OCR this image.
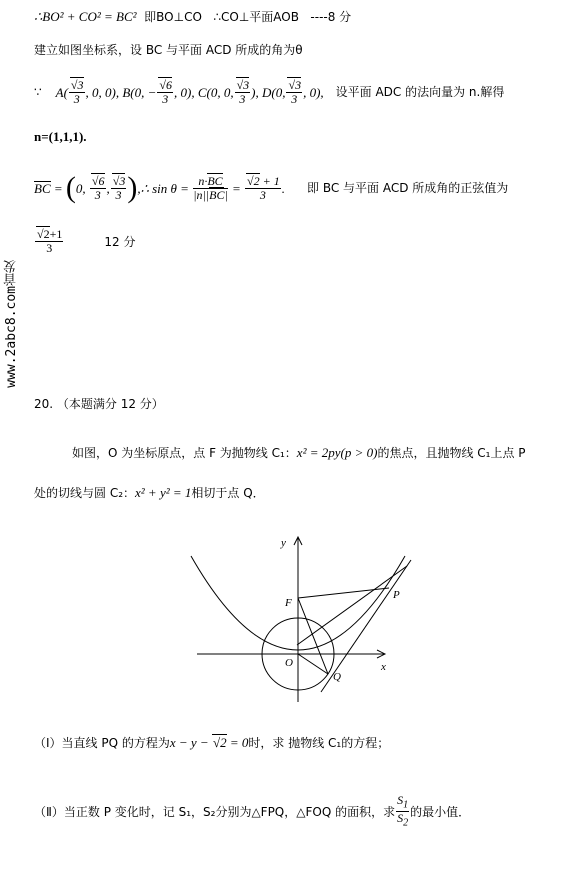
∴BO² + CO² = BC² 即BO⊥CO ∴CO⊥平面AOB ----8 分
建立如图坐标系，设 BC 与平面 ACD 所成的角为θ
∵ A( √ $\frac{3}{3}$ , 0, 0), B(0, − √ $\frac{6}{3}$ , 0), C(0, 0, √ $\frac{3}{3}$ ), D(0, √ $\frac{3}{3}$ , 0), 设平面 ADC 的法向量为 n.解得
n=(1,1,1).
BC = ( 0, √ $\frac{6}{3}$ , √ $\frac{3}{3}$ ) ,∴ $\sin \theta = \frac{n\cdot BC}{|n||BC|}$ = √ $\frac{2 + 1}{3}$ . 即 BC 与平面 ACD 所成角的正弦值为
√ $\frac{2+1}{3}$	12 分
www.2abc8.com首发
20. （本题满分 12 分）
如图，O 为坐标原点，点 F 为抛物线 C₁：x² = 2py(p > 0)的焦点，且抛物线 C₁上点 P
处的切线与圆 C₂：x² + y² = 1相切于点 Q．
y
x
F
P
O
Q
（Ⅰ）当直线 PQ 的方程为x − y − √ 2 = 0时，求 抛物线 C₁的方程；
（Ⅱ）当正数 P 变化时，记 S₁，S₂分别为△FPQ，△FOQ 的面积，求 $\frac{S_1}{S_2}$ 的最小值．
